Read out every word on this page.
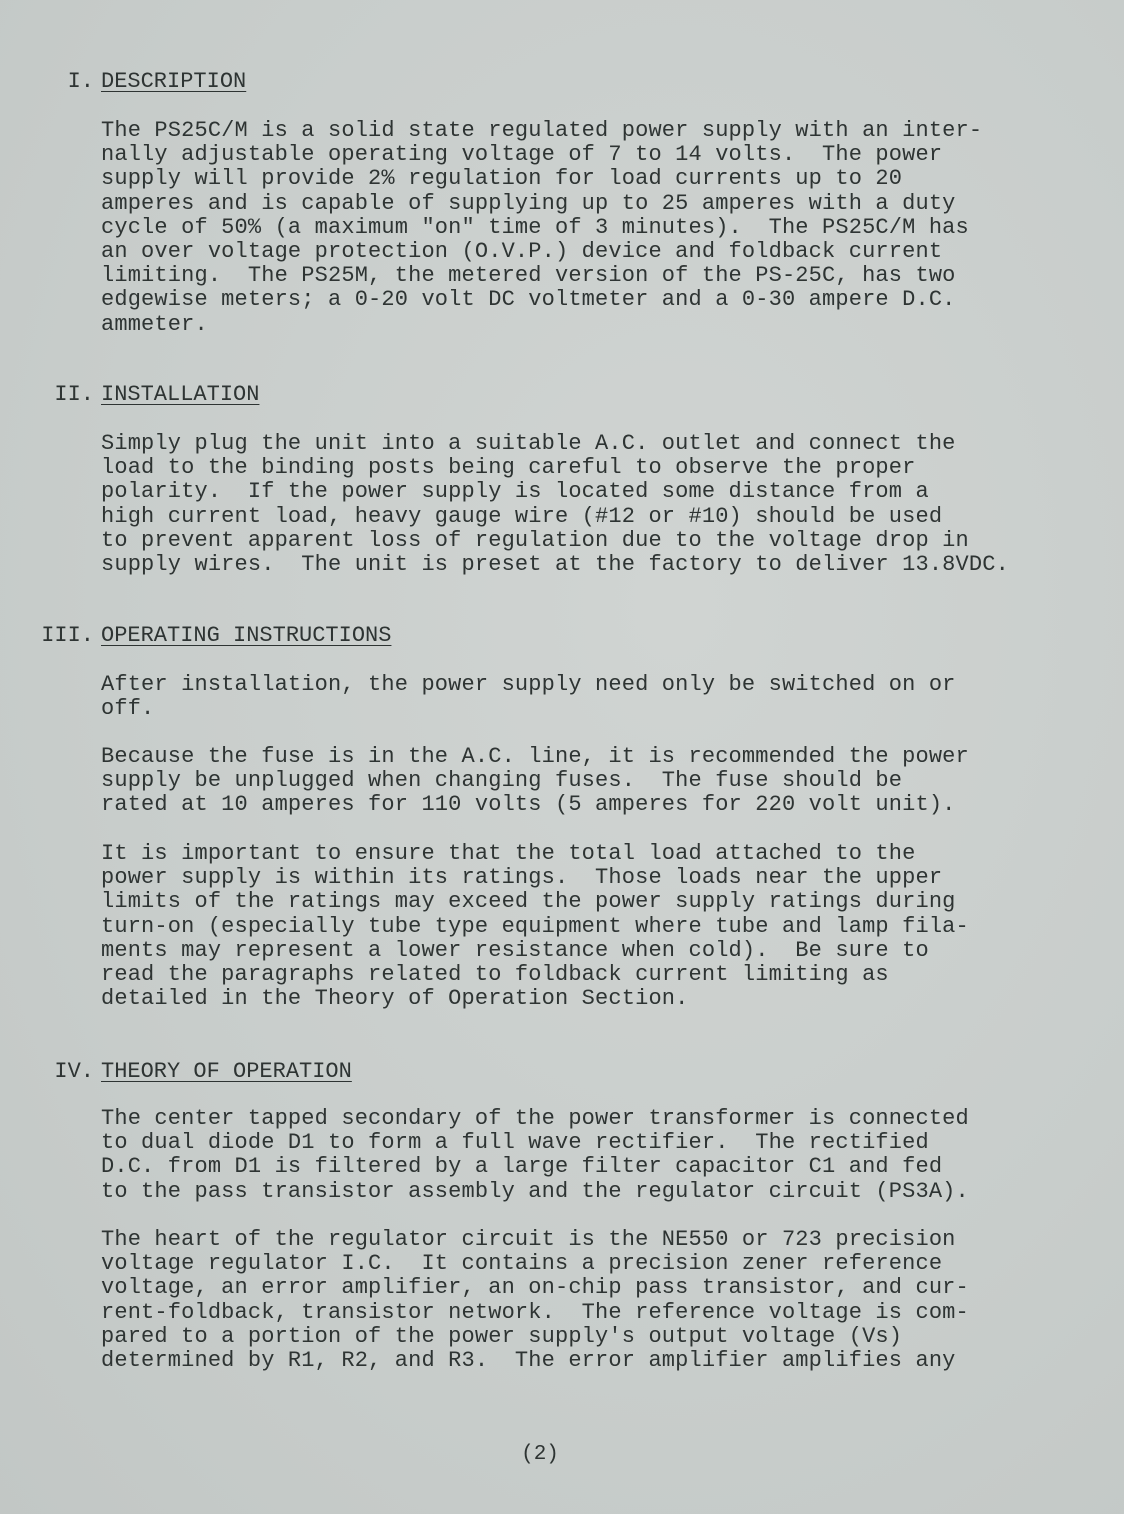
I.

DESCRIPTION

The PS25C/M is a solid state regulated power supply with an inter-
nally adjustable operating voltage of 7 to 14 volts.  The power
supply will provide 2% regulation for load currents up to 20
amperes and is capable of supplying up to 25 amperes with a duty
cycle of 50% (a maximum "on" time of 3 minutes).  The PS25C/M has
an over voltage protection (O.V.P.) device and foldback current
limiting.  The PS25M, the metered version of the PS-25C, has two
edgewise meters; a 0-20 volt DC voltmeter and a 0-30 ampere D.C.
ammeter.

II.

INSTALLATION

Simply plug the unit into a suitable A.C. outlet and connect the
load to the binding posts being careful to observe the proper
polarity.  If the power supply is located some distance from a
high current load, heavy gauge wire (#12 or #10) should be used
to prevent apparent loss of regulation due to the voltage drop in
supply wires.  The unit is preset at the factory to deliver 13.8VDC.

III.

OPERATING INSTRUCTIONS

After installation, the power supply need only be switched on or
off.
Because the fuse is in the A.C. line, it is recommended the power
supply be unplugged when changing fuses.  The fuse should be
rated at 10 amperes for 110 volts (5 amperes for 220 volt unit).
It is important to ensure that the total load attached to the
power supply is within its ratings.  Those loads near the upper
limits of the ratings may exceed the power supply ratings during
turn-on (especially tube type equipment where tube and lamp fila-
ments may represent a lower resistance when cold).  Be sure to
read the paragraphs related to foldback current limiting as
detailed in the Theory of Operation Section.

IV.

THEORY OF OPERATION

The center tapped secondary of the power transformer is connected
to dual diode D1 to form a full wave rectifier.  The rectified
D.C. from D1 is filtered by a large filter capacitor C1 and fed
to the pass transistor assembly and the regulator circuit (PS3A).
The heart of the regulator circuit is the NE550 or 723 precision
voltage regulator I.C.  It contains a precision zener reference
voltage, an error amplifier, an on-chip pass transistor, and cur-
rent-foldback, transistor network.  The reference voltage is com-
pared to a portion of the power supply's output voltage (Vs)
determined by R1, R2, and R3.  The error amplifier amplifies any
(2)
